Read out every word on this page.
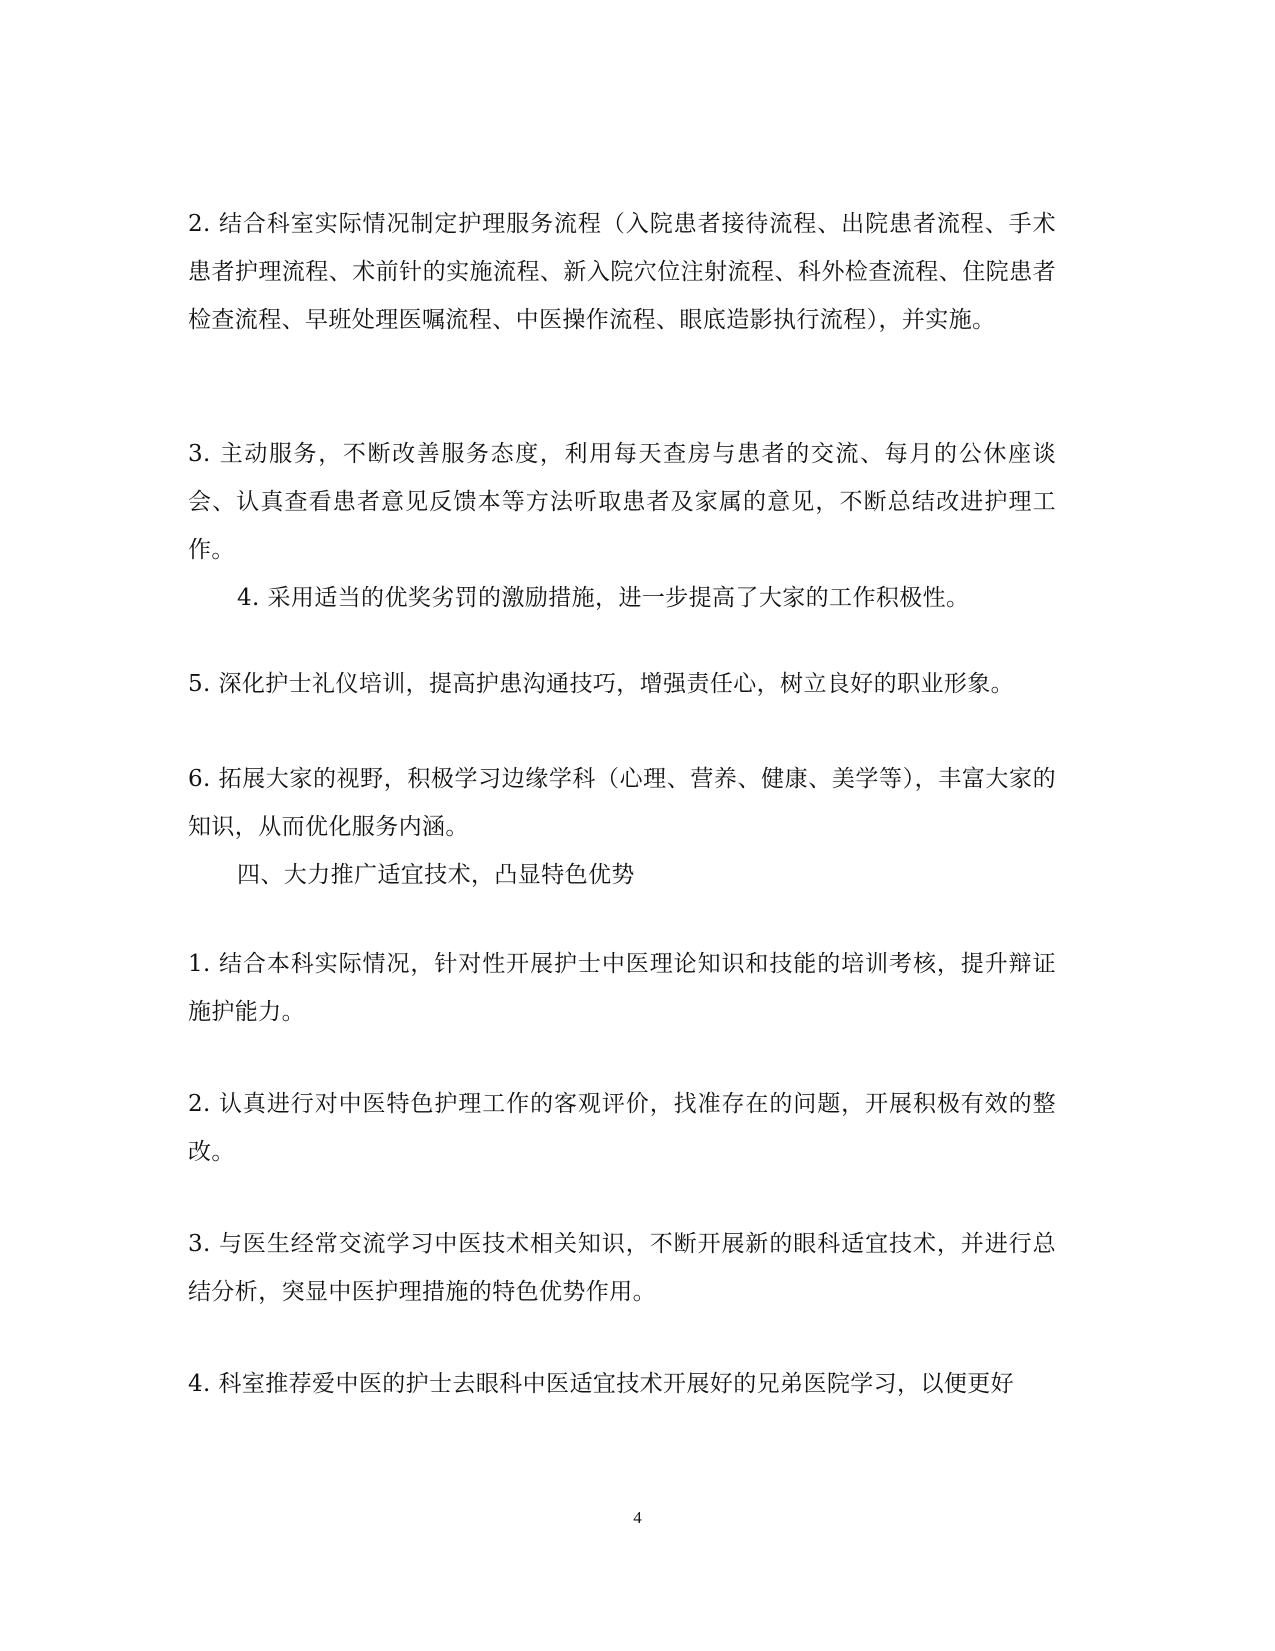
2. 结合科室实际情况制定护理服务流程（入院患者接待流程、出院患者流程、手术患者护理流程、术前针的实施流程、新入院穴位注射流程、科外检查流程、住院患者检查流程、早班处理医嘱流程、中医操作流程、眼底造影执行流程），并实施。

3. 主动服务，不断改善服务态度，利用每天查房与患者的交流、每月的公休座谈会、认真查看患者意见反馈本等方法听取患者及家属的意见，不断总结改进护理工作。

4. 采用适当的优奖劣罚的激励措施，进一步提高了大家的工作积极性。

5. 深化护士礼仪培训，提高护患沟通技巧，增强责任心，树立良好的职业形象。

6. 拓展大家的视野，积极学习边缘学科（心理、营养、健康、美学等），丰富大家的知识，从而优化服务内涵。

四、大力推广适宜技术，凸显特色优势

1. 结合本科实际情况，针对性开展护士中医理论知识和技能的培训考核，提升辩证施护能力。

2. 认真进行对中医特色护理工作的客观评价，找准存在的问题，开展积极有效的整改。

3. 与医生经常交流学习中医技术相关知识，不断开展新的眼科适宜技术，并进行总结分析，突显中医护理措施的特色优势作用。

4. 科室推荐爱中医的护士去眼科中医适宜技术开展好的兄弟医院学习，以便更好

4
